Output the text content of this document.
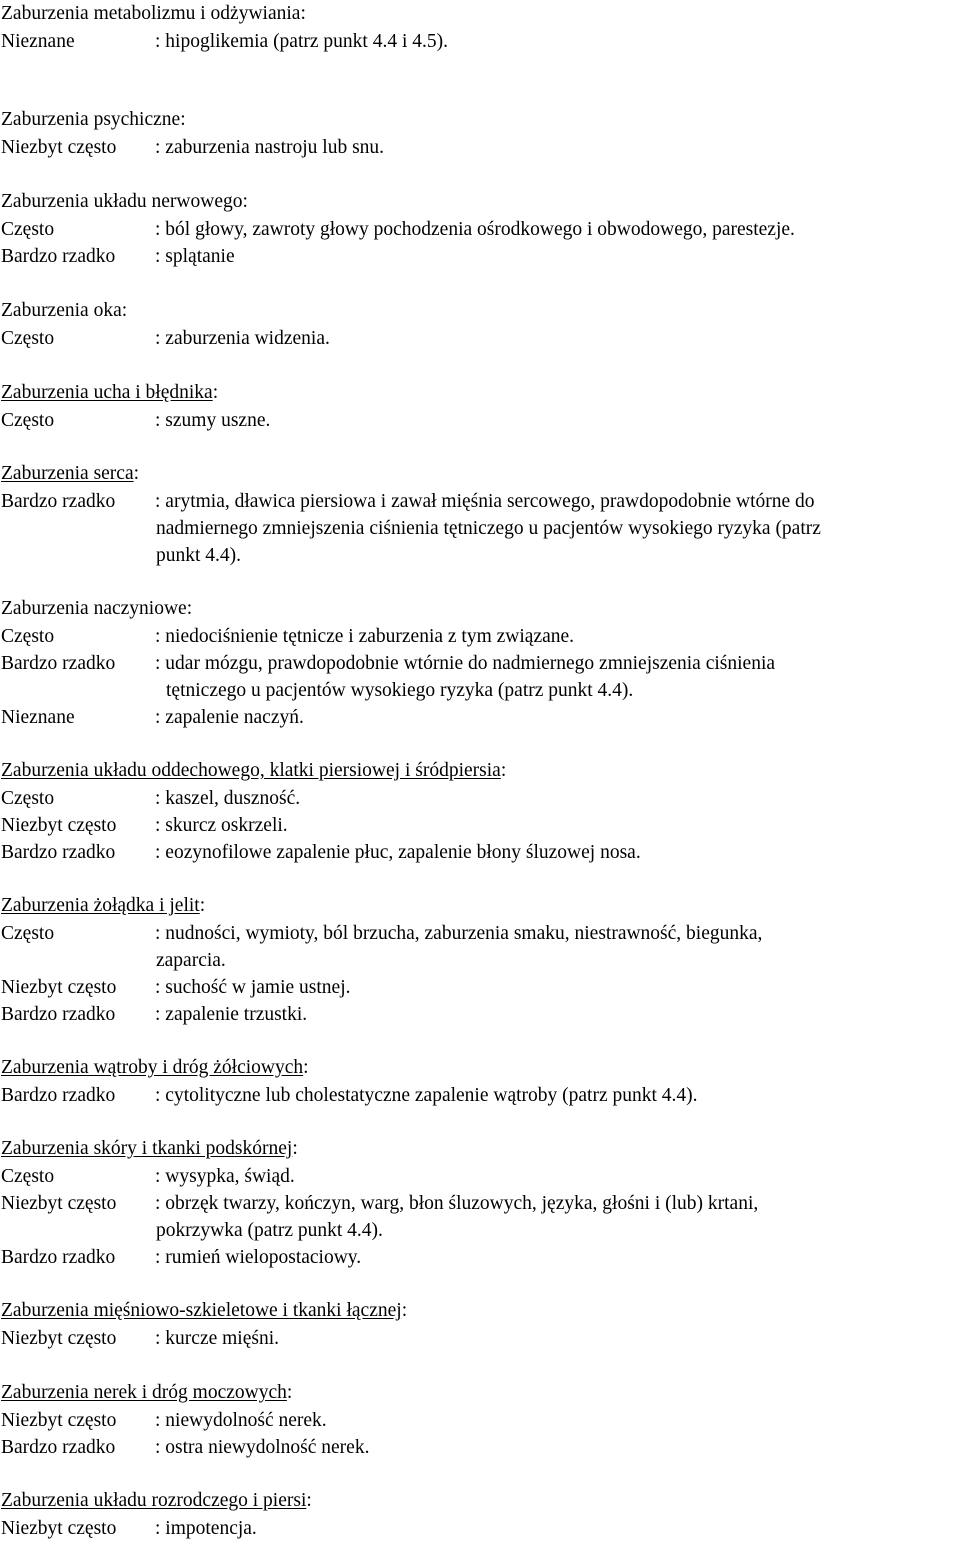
Zaburzenia metabolizmu i odżywiania:
Nieznane	: hipoglikemia (patrz punkt 4.4 i 4.5).
Zaburzenia psychiczne:
Niezbyt często : zaburzenia nastroju lub snu.
Zaburzenia układu nerwowego:
Często	: ból głowy, zawroty głowy pochodzenia ośrodkowego i obwodowego, parestezje.
Bardzo rzadko : splątanie
Zaburzenia oka:
Często	: zaburzenia widzenia.
Zaburzenia ucha i błędnika:
Często	: szumy uszne.
Zaburzenia serca:
Bardzo rzadko : arytmia, dławica piersiowa i zawał mięśnia sercowego, prawdopodobnie wtórne do
nadmiernego zmniejszenia ciśnienia tętniczego u pacjentów wysokiego ryzyka (patrz
punkt 4.4).
Zaburzenia naczyniowe:
Często	: niedociśnienie tętnicze i zaburzenia z tym związane.
Bardzo rzadko : udar mózgu, prawdopodobnie wtórnie do nadmiernego zmniejszenia ciśnienia
tętniczego u pacjentów wysokiego ryzyka (patrz punkt 4.4).
Nieznane	: zapalenie naczyń.
Zaburzenia układu oddechowego, klatki piersiowej i śródpiersia:
Często	: kaszel, duszność.
Niezbyt często : skurcz oskrzeli.
Bardzo rzadko : eozynofilowe zapalenie płuc, zapalenie błony śluzowej nosa.
Zaburzenia żołądka i jelit:
Często	: nudności, wymioty, ból brzucha, zaburzenia smaku, niestrawność, biegunka,
zaparcia.
Niezbyt często : suchość w jamie ustnej.
Bardzo rzadko : zapalenie trzustki.
Zaburzenia wątroby i dróg żółciowych:
Bardzo rzadko : cytolityczne lub cholestatyczne zapalenie wątroby (patrz punkt 4.4).
Zaburzenia skóry i tkanki podskórnej:
Często	: wysypka, świąd.
Niezbyt często : obrzęk twarzy, kończyn, warg, błon śluzowych, języka, głośni i (lub) krtani,
pokrzywka (patrz punkt 4.4).
Bardzo rzadko : rumień wielopostaciowy.
Zaburzenia mięśniowo-szkieletowe i tkanki łącznej:
Niezbyt często : kurcze mięśni.
Zaburzenia nerek i dróg moczowych:
Niezbyt często : niewydolność nerek.
Bardzo rzadko : ostra niewydolność nerek.
Zaburzenia układu rozrodczego i piersi:
Niezbyt często : impotencja.
